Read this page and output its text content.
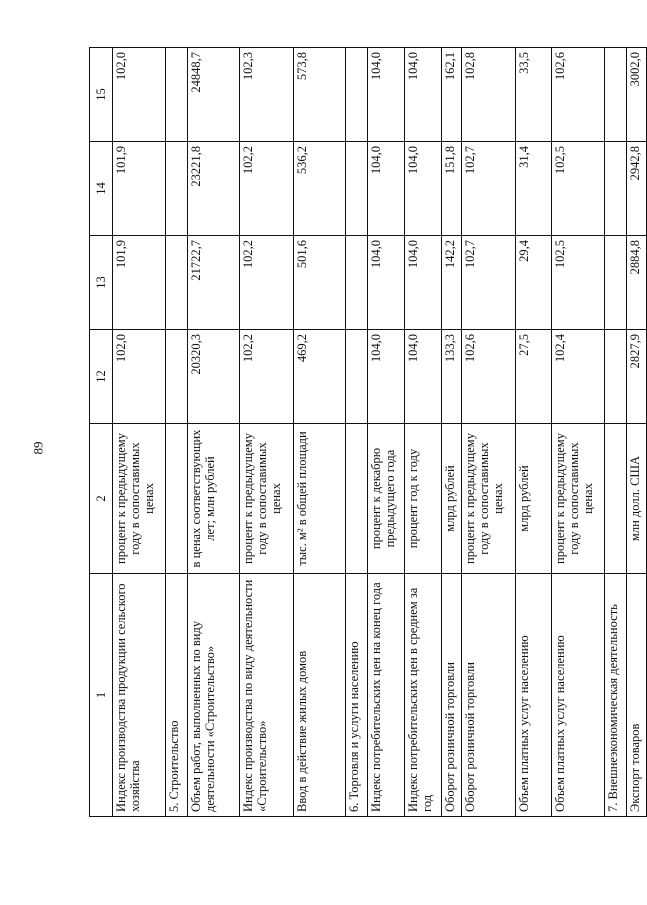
89
1	2	12	13	14	15
Индекс производства продукции сельского хозяйства	процент к предыдущему году в сопоставимых ценах	102,0	101,9	101,9	102,0
5. Строительство					
Объем работ, выполненных по виду деятельности «Строительство»	в ценах соответствующих лет; млн рублей	20320,3	21722,7	23221,8	24848,7
Индекс производства по виду деятельности «Строительство»	процент к предыдущему году в сопоставимых ценах	102,2	102,2	102,2	102,3
Ввод в действие жилых домов	тыс. м² в общей площади	469,2	501,6	536,2	573,8
6. Торговля и услуги населению					
Индекс потребительских цен на конец года	процент к декабрю предыдущего года	104,0	104,0	104,0	104,0
Индекс потребительских цен в среднем за год	процент год к году	104,0	104,0	104,0	104,0
Оборот розничной торговли	млрд рублей	133,3	142,2	151,8	162,1
Оборот розничной торговли	процент к предыдущему году в сопоставимых ценах	102,6	102,7	102,7	102,8
Объем платных услуг населению	млрд рублей	27,5	29,4	31,4	33,5
Объем платных услуг населению	процент к предыдущему году в сопоставимых ценах	102,4	102,5	102,5	102,6
7. Внешнеэкономическая деятельность					
Экспорт товаров	млн долл. США	2827,9	2884,8	2942,8	3002,0
